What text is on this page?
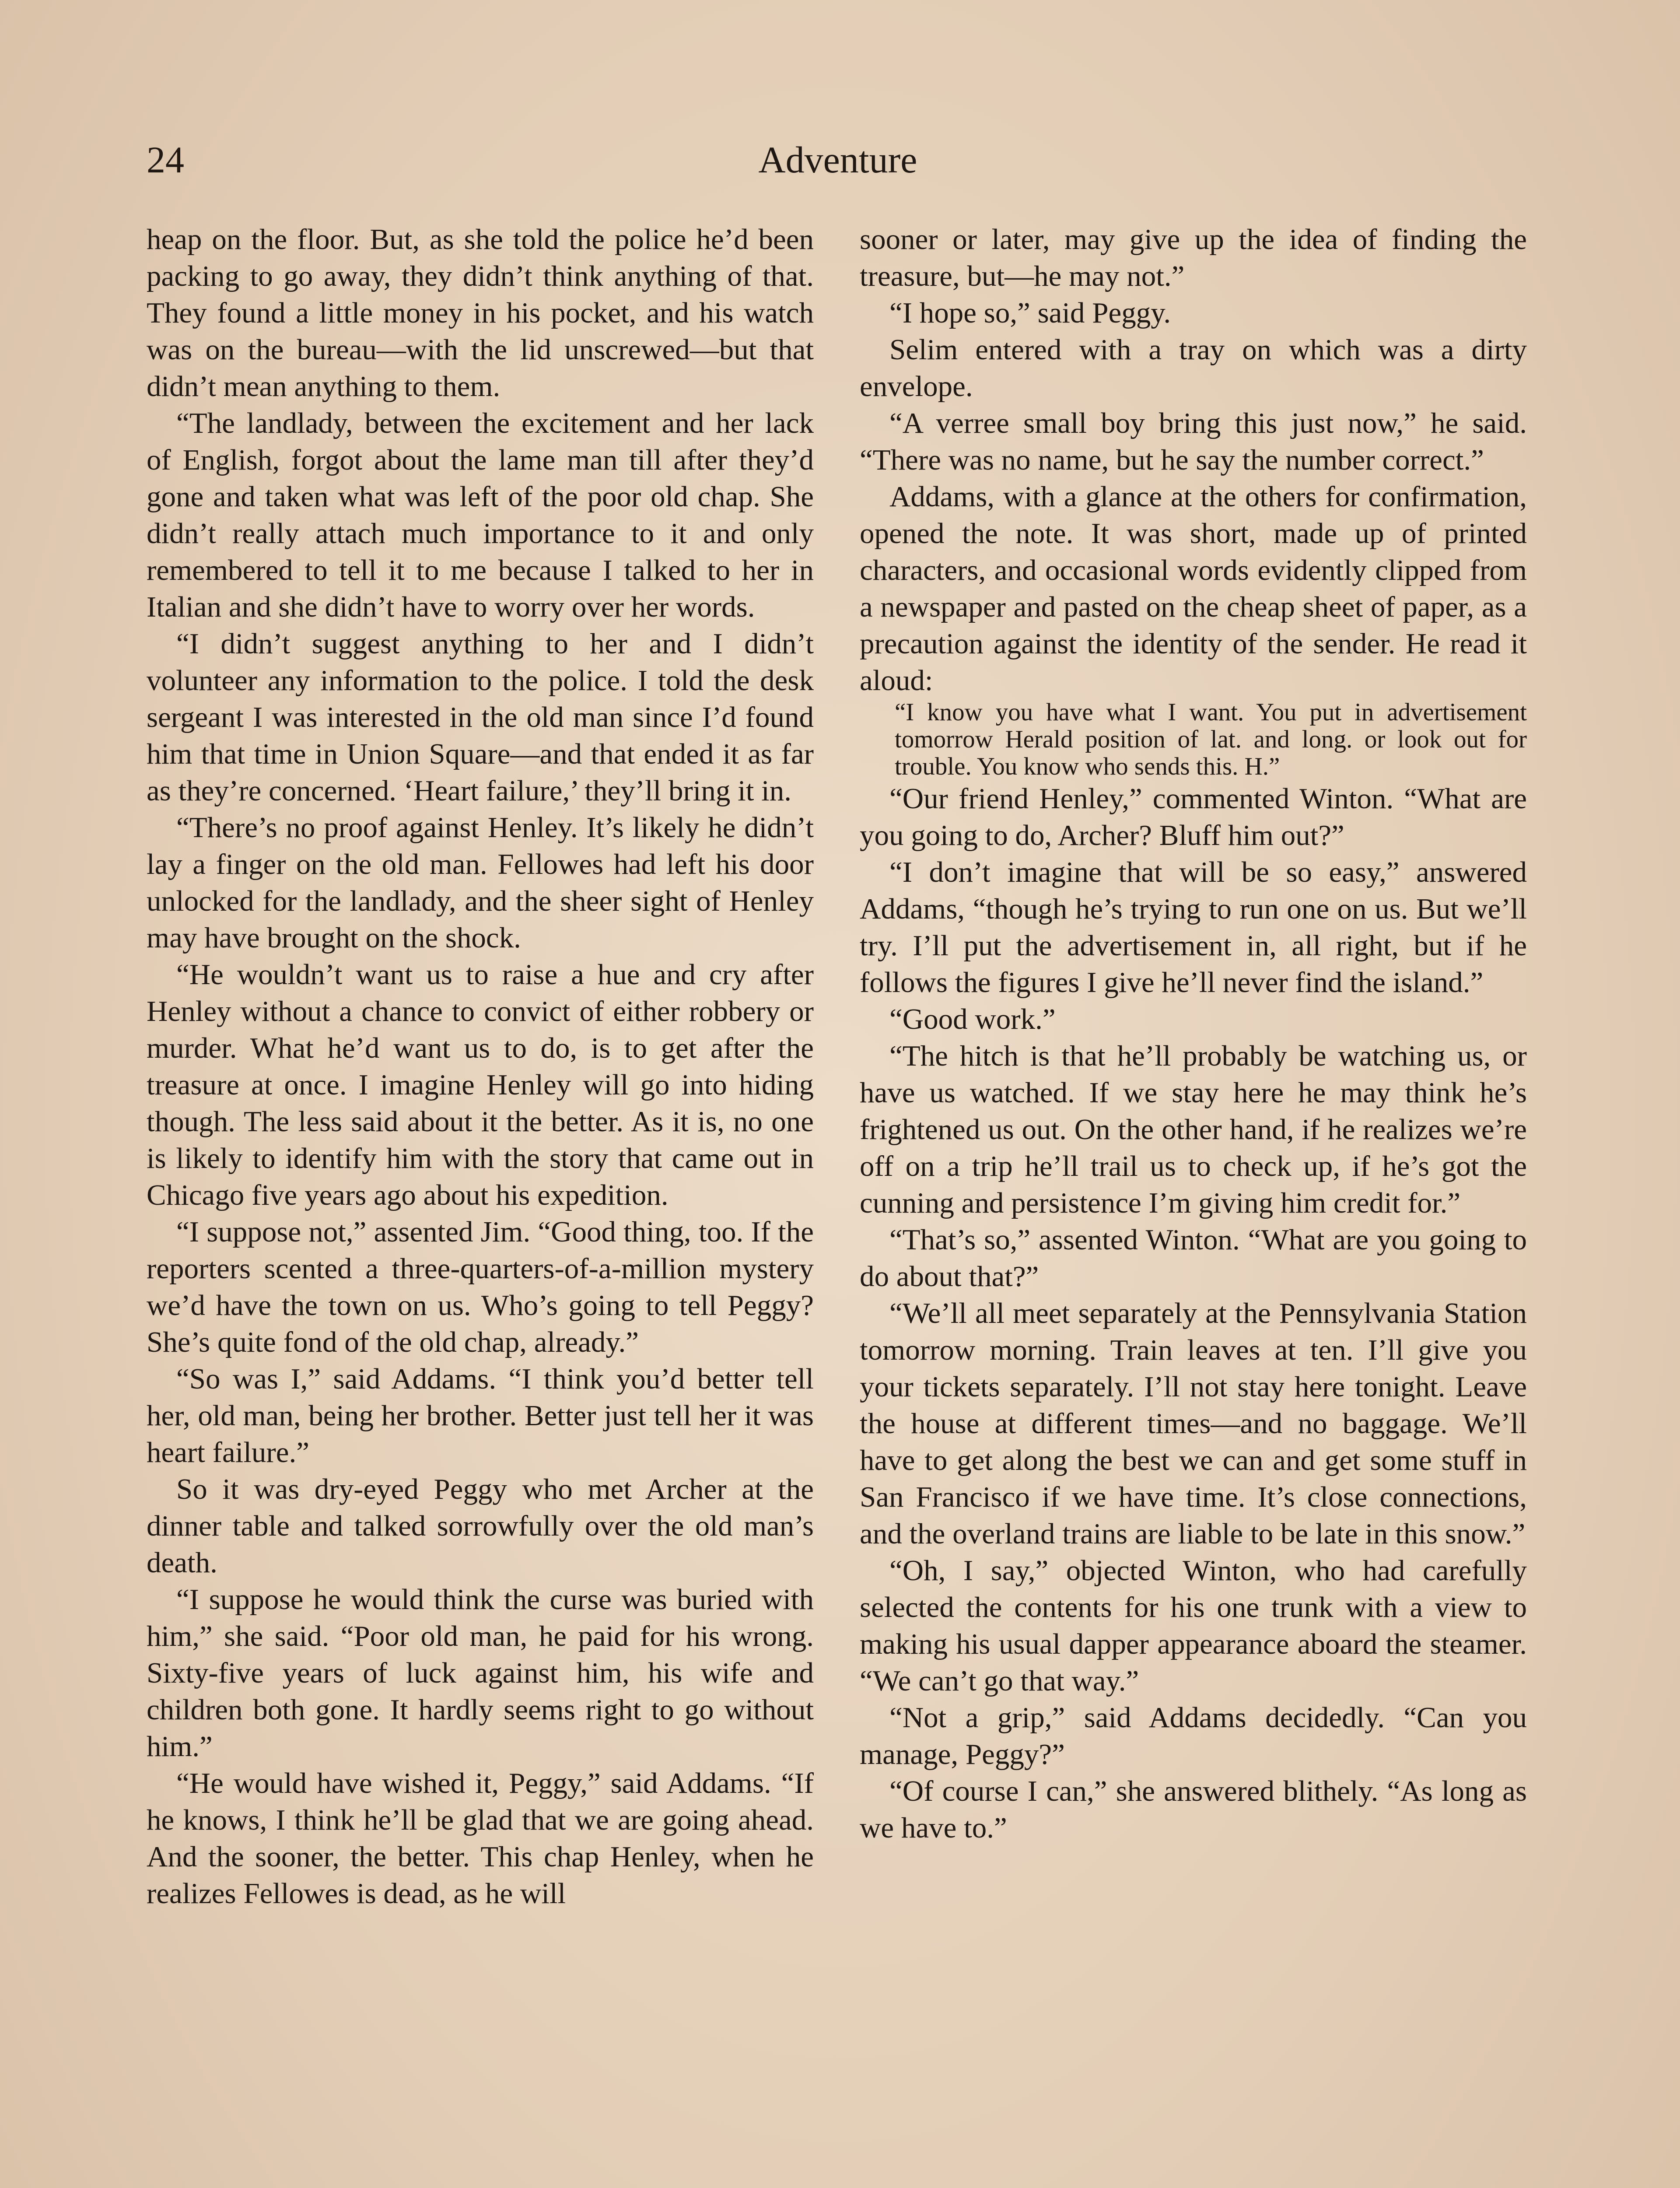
24	Adventure

heap on the floor. But, as she told the police he’d been packing to go away, they didn’t think anything of that. They found a little money in his pocket, and his watch was on the bureau—with the lid unscrewed—but that didn’t mean anything to them.

“The landlady, between the excitement and her lack of English, forgot about the lame man till after they’d gone and taken what was left of the poor old chap. She didn’t really attach much importance to it and only remembered to tell it to me because I talked to her in Italian and she didn’t have to worry over her words.

“I didn’t suggest anything to her and I didn’t volunteer any information to the police. I told the desk sergeant I was interested in the old man since I’d found him that time in Union Square—and that ended it as far as they’re concerned. ‘Heart failure,’ they’ll bring it in.

“There’s no proof against Henley. It’s likely he didn’t lay a finger on the old man. Fellowes had left his door unlocked for the landlady, and the sheer sight of Henley may have brought on the shock.

“He wouldn’t want us to raise a hue and cry after Henley without a chance to convict of either robbery or murder. What he’d want us to do, is to get after the treasure at once. I imagine Henley will go into hiding though. The less said about it the better. As it is, no one is likely to identify him with the story that came out in Chicago five years ago about his expedition.

“I suppose not,” assented Jim. “Good thing, too. If the reporters scented a three-quarters-of-a-million mystery we’d have the town on us. Who’s going to tell Peggy? She’s quite fond of the old chap, already.”

“So was I,” said Addams. “I think you’d better tell her, old man, being her brother. Better just tell her it was heart failure.”

So it was dry-eyed Peggy who met Archer at the dinner table and talked sorrowfully over the old man’s death.

“I suppose he would think the curse was buried with him,” she said. “Poor old man, he paid for his wrong. Sixty-five years of luck against him, his wife and children both gone. It hardly seems right to go without him.”

“He would have wished it, Peggy,” said Addams. “If he knows, I think he’ll be glad that we are going ahead. And the sooner, the better. This chap Henley, when he realizes Fellowes is dead, as he will

sooner or later, may give up the idea of finding the treasure, but—he may not.”

“I hope so,” said Peggy.

Selim entered with a tray on which was a dirty envelope.

“A verree small boy bring this just now,” he said. “There was no name, but he say the number correct.”

Addams, with a glance at the others for confirmation, opened the note. It was short, made up of printed characters, and occasional words evidently clipped from a newspaper and pasted on the cheap sheet of paper, as a precaution against the identity of the sender. He read it aloud:

“I know you have what I want. You put in advertisement tomorrow Herald position of lat. and long. or look out for trouble. You know who sends this. H.”

“Our friend Henley,” commented Winton. “What are you going to do, Archer? Bluff him out?”

“I don’t imagine that will be so easy,” answered Addams, “though he’s trying to run one on us. But we’ll try. I’ll put the advertisement in, all right, but if he follows the figures I give he’ll never find the island.”

“Good work.”

“The hitch is that he’ll probably be watching us, or have us watched. If we stay here he may think he’s frightened us out. On the other hand, if he realizes we’re off on a trip he’ll trail us to check up, if he’s got the cunning and persistence I’m giving him credit for.”

“That’s so,” assented Winton. “What are you going to do about that?”

“We’ll all meet separately at the Pennsylvania Station tomorrow morning. Train leaves at ten. I’ll give you your tickets separately. I’ll not stay here tonight. Leave the house at different times—and no baggage. We’ll have to get along the best we can and get some stuff in San Francisco if we have time. It’s close connections, and the overland trains are liable to be late in this snow.”

“Oh, I say,” objected Winton, who had carefully selected the contents for his one trunk with a view to making his usual dapper appearance aboard the steamer. “We can’t go that way.”

“Not a grip,” said Addams decidedly. “Can you manage, Peggy?”

“Of course I can,” she answered blithely. “As long as we have to.”
